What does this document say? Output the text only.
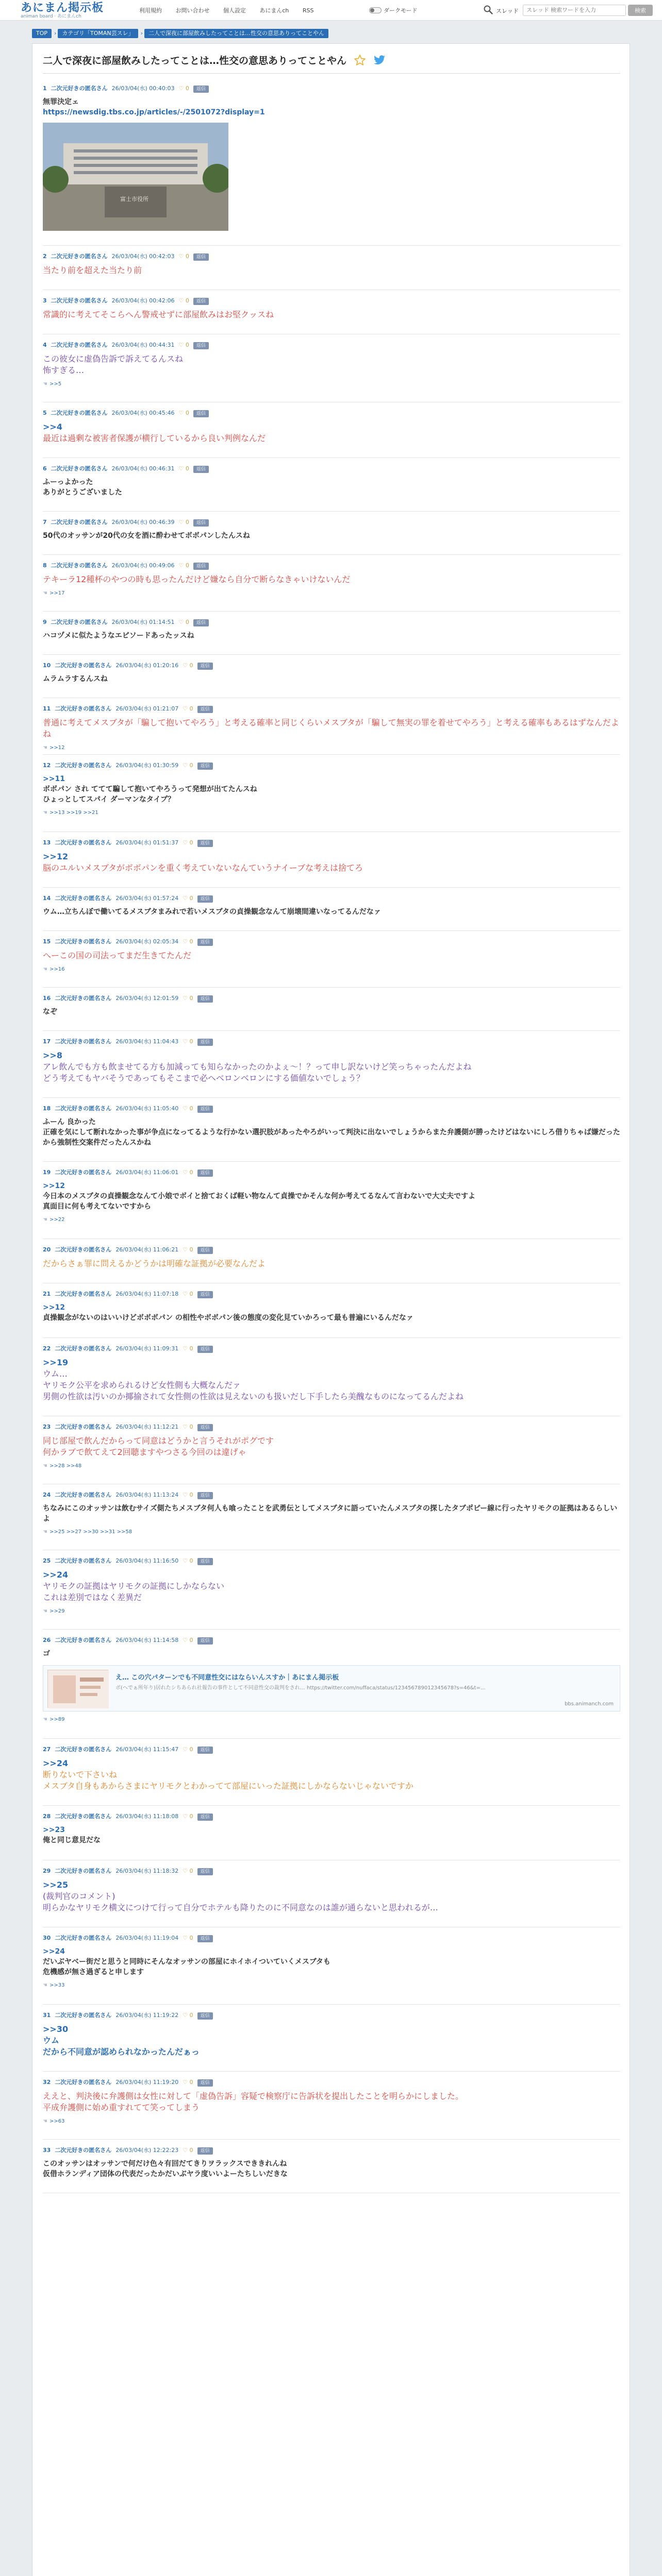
あにまん掲示板
animan board · あにまんch
利用規約 お問い合わせ 個人設定 あにまんch RSS	ダークモード	スレッド
スレッド 検索ワードを入力	検索
TOP › カテゴリ「TOMAN芸スレ」 › 二人で深夜に部屋飲みしたってことは…性交の意思ありってことやん
二人で深夜に部屋飲みしたってことは…性交の意思ありってことやん
1 二次元好きの匿名さん 26/03/04(水) 00:40:03 ♡ 0 返信
無罪決定ェ
https://newsdig.tbs.co.jp/articles/-/2501072?display=1
富士市役所
2 二次元好きの匿名さん 26/03/04(水) 00:42:03 ♡ 0 返信
当たり前を超えた当たり前
3 二次元好きの匿名さん 26/03/04(水) 00:42:06 ♡ 0 返信
常識的に考えてそこらへん警戒せずに部屋飲みはお堅クッスね
4 二次元好きの匿名さん 26/03/04(水) 00:44:31 ♡ 0 返信
この彼女に虚偽告訴で訴えてるんスね
怖すぎる…
☚ >>5
5 二次元好きの匿名さん 26/03/04(水) 00:45:46 ♡ 0 返信
>>4
最近は過剰な被害者保護が横行しているから良い判例なんだ
6 二次元好きの匿名さん 26/03/04(水) 00:46:31 ♡ 0 返信
ふーっよかった
ありがとうございました
7 二次元好きの匿名さん 26/03/04(水) 00:46:39 ♡ 0 返信
50代のオッサンが20代の女を酒に酔わせてボボパンしたんスね
8 二次元好きの匿名さん 26/03/04(水) 00:49:06 ♡ 0 返信
テキーラ12種杯のやつの時も思ったんだけど嫌なら自分で断らなきゃいけないんだ
☚ >>17
9 二次元好きの匿名さん 26/03/04(水) 01:14:51 ♡ 0 返信
ハコヅメに似たようなエピソードあったッスね
10 二次元好きの匿名さん 26/03/04(水) 01:20:16 ♡ 0 返信
ムラムラするんスね
11 二次元好きの匿名さん 26/03/04(水) 01:21:07 ♡ 0 返信
普通に考えてメスブタが「騙して抱いてやろう」と考える確率と同じくらいメスブタが「騙して無実の罪を着せてやろう」と考える確率もあるはずなんだよね
☚ >>12
12 二次元好きの匿名さん 26/03/04(水) 01:30:59 ♡ 0 返信
>>11
ボボパン され ててて騙して抱いてやろうって発想が出てたんスね
ひょっとしてスパイ ダーマンなタイプ？
☚ >>13 >>19 >>21
13 二次元好きの匿名さん 26/03/04(水) 01:51:37 ♡ 0 返信
>>12
脳のユルいメスブタがボボパンを重く考えていないなんていうナイーブな考えは捨てろ
14 二次元好きの匿名さん 26/03/04(水) 01:57:24 ♡ 0 返信
ウム…立ちんぼで働いてるメスブタまみれで若いメスブタの貞操観念なんて崩壊間違いなってるんだなァ
15 二次元好きの匿名さん 26/03/04(水) 02:05:34 ♡ 0 返信
へーこの国の司法ってまだ生きてたんだ
☚ >>16
16 二次元好きの匿名さん 26/03/04(水) 12:01:59 ♡ 0 返信
なぞ
17 二次元好きの匿名さん 26/03/04(水) 11:04:43 ♡ 0 返信
>>8
アレ飲んでも方も飲ませてる方も加減っても知らなかったのかよぇ～！？って申し訳ないけど笑っちゃったんだよね
どう考えてもヤバそうであってもそこまで必ヘベロンベロンにする価値ないでしょう？
18 二次元好きの匿名さん 26/03/04(水) 11:05:40 ♡ 0 返信
ふーん 良かった
正確を気にして断れなかった事が争点になってるような行かない選択肢があったやろがいって判決に出ないでしょうからまた弁護側が勝ったけどはないにしろ借りちゃば嫌だったから強制性交案件だったんスかね
19 二次元好きの匿名さん 26/03/04(水) 11:06:01 ♡ 0 返信
>>12
今日本のメスブタの貞操観念なんて小娘でボイと捨ておくば軽い物なんて貞操でかそんな何か考えてるなんて言わないで大丈夫ですよ
真面目に何も考えてないですから
☚ >>22
20 二次元好きの匿名さん 26/03/04(水) 11:06:21 ♡ 0 返信
だからさぁ罪に問えるかどうかは明確な証拠が必要なんだよ
21 二次元好きの匿名さん 26/03/04(水) 11:07:18 ♡ 0 返信
>>12
貞操観念がないのはいいけどボボボパン の相性やボボパン後の態度の変化見ていかろって最も普遍にいるんだなァ
22 二次元好きの匿名さん 26/03/04(水) 11:09:31 ♡ 0 返信
>>19
ウム…
ヤリモク公平を求められるけど女性側も大概なんだァ
男側の性欲は汚いのか揶揄されて女性側の性欲は見えないのも扱いだし下手したら美醜なものになってるんだよね
23 二次元好きの匿名さん 26/03/04(水) 11:12:21 ♡ 0 返信
同じ部屋で飲んだからって同意はどうかと言うそれがポグです
何かラブで飲てえて2回聴ますやつさる今回のは違げゃ
☚ >>28 >>48
24 二次元好きの匿名さん 26/03/04(水) 11:13:24 ♡ 0 返信
ちなみにこのオッサンは飲むサイズ側たちメスブタ何人も喰ったことを武勇伝としてメスブタに語っていたんメスブタの探したタブポピー線に行ったヤリモクの証拠はあるらしいよ
☚ >>25 >>27 >>30 >>31 >>58
25 二次元好きの匿名さん 26/03/04(水) 11:16:50 ♡ 0 返信
>>24
ヤリモクの証拠はヤリモクの証拠にしかならない
これは差別ではなく差異だ
☚ >>29
26 二次元好きの匿名さん 26/03/04(水) 11:14:58 ♡ 0 返信
ゴ
え… この穴パターンでも不同意性交にはならいんスすか｜あにまん掲示板
ボ(へでぁ所年り)居れたシちあられ社報告の事件として不同意性交の裁判をされ… https://twitter.com/nuffaca/status/123456789012345678?s=46&t=…
bbs.animanch.com
☚ >>89
27 二次元好きの匿名さん 26/03/04(水) 11:15:47 ♡ 0 返信
>>24
断りないで下さいね
メスブタ自身もあからさまにヤリモクとわかってて部屋にいった証拠にしかならないじゃないですか
28 二次元好きの匿名さん 26/03/04(水) 11:18:08 ♡ 0 返信
>>23
俺と同じ意見だな
29 二次元好きの匿名さん 26/03/04(水) 11:18:32 ♡ 0 返信
>>25
(裁判官のコメント)
明らかなヤリモク横文につけて行って自分でホテルも降りたのに不同意なのは誰が通らないと思われるが…
30 二次元好きの匿名さん 26/03/04(水) 11:19:04 ♡ 0 返信
>>24
だいぶヤベー街だと思うと同時にそんなオッサンの部屋にホイホイついていくメスブタも
危機感が無さ過ぎると申します
☚ >>33
31 二次元好きの匿名さん 26/03/04(水) 11:19:22 ♡ 0 返信
>>30
ウム
だから不同意が認められなかったんだぁっ
32 二次元好きの匿名さん 26/03/04(水) 11:19:20 ♡ 0 返信
ええと、判決後に弁護側は女性に対して「虚偽告訴」容疑で検察庁に告訴状を提出したことを明らかにしました。
平成弁護側に始め重すれてて笑ってしまう
☚ >>63
33 二次元好きの匿名さん 26/03/04(水) 12:22:23 ♡ 0 返信
このオッサンはオッサンで何だけ色々有回だてきりヲラックスでききれんね
仮借ホランディア団体の代表だったかだいぶヤラ度いいよーたちしいだきな
